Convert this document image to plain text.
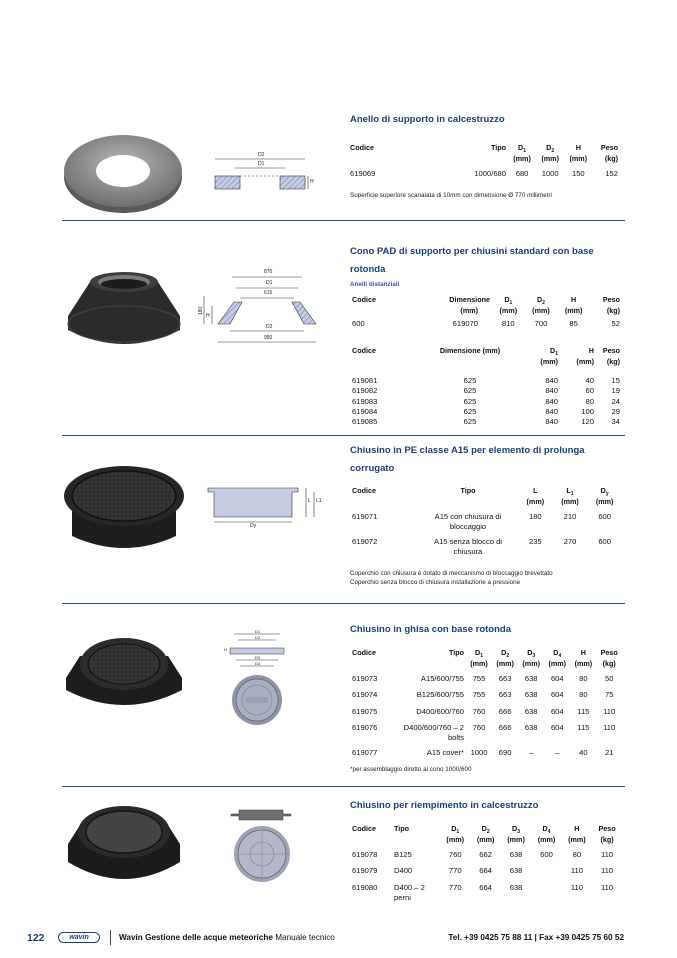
D2
D1
H
Anello di supporto in calcestruzzo
Codice	Tipo	$D_1$	$D_2$	H	Peso
		(mm)	(mm)	(mm)	(kg)
619069	1000/680	680	1000	150	152
Superficie superiore scanalata di 10mm con dimensione Ø 770 millimetri
870
D1
615
D2
950
180
H
Cono PAD di supporto per chiusini standard con base rotonda
Anelli distanziali
Codice	Dimensione	$D_1$	$D_2$	H	Peso
	(mm)	(mm)	(mm)	(mm)	(kg)
600	619070	810	700	85	52
Codice	Dimensione (mm)	$D_1$	H	Peso
		(mm)	(mm)	(kg)

619081	625	840	40	15
619082	625	840	60	19
619083	625	840	80	24
619084	625	840	100	29
619085	625	840	120	34
L L1
Dy
Chiusino in PE classe A15 per elemento di prolunga corrugato
Codice	Tipo	L	$L_1$	$D_y$
		(mm)	(mm)	(mm)
619071	A15 con chiusura di bloccaggio	180	210	600
619072	A15 senza blocco di chiusura	235	270	600
Coperchio con chiusura è dotato di meccanismo di bloccaggio brevettato
Coperchio senza blocco di chiusura installazione a pressione
D1
D2
D3
D4
H
Chiusino in ghisa con base rotonda
Codice	Tipo	$D_1$	$D_2$	$D_3$	$D_4$	H	Peso
		(mm)	(mm)	(mm)	(mm)	(mm)	(kg)
619073	A15/600/755	755	663	638	604	80	50
619074	B125/600/755	755	663	638	604	80	75
619075	D400/600/760	760	666	638	604	115	110
619076	D400/600/760 – 2 bolts	760	666	638	604	115	110
619077	A15 cover*	1000	690	–	–	40	21
*per assemblaggio diretto al cono 1000/600
Chiusino per riempimento in calcestruzzo
Codice	Tipo	$D_1$	$D_2$	$D_3$	$D_4$	H	Peso
		(mm)	(mm)	(mm)	(mm)	(mm)	(kg)
619078	B125	760	662	638	600	80	110
619079	D400	770	664	638		110	110
619080	D400 – 2 perni	770	664	638		110	110
122	wavin	Wavin Gestione delle acque meteoriche Manuale tecnico	Tel. +39 0425 75 88 11 | Fax +39 0425 75 60 52
